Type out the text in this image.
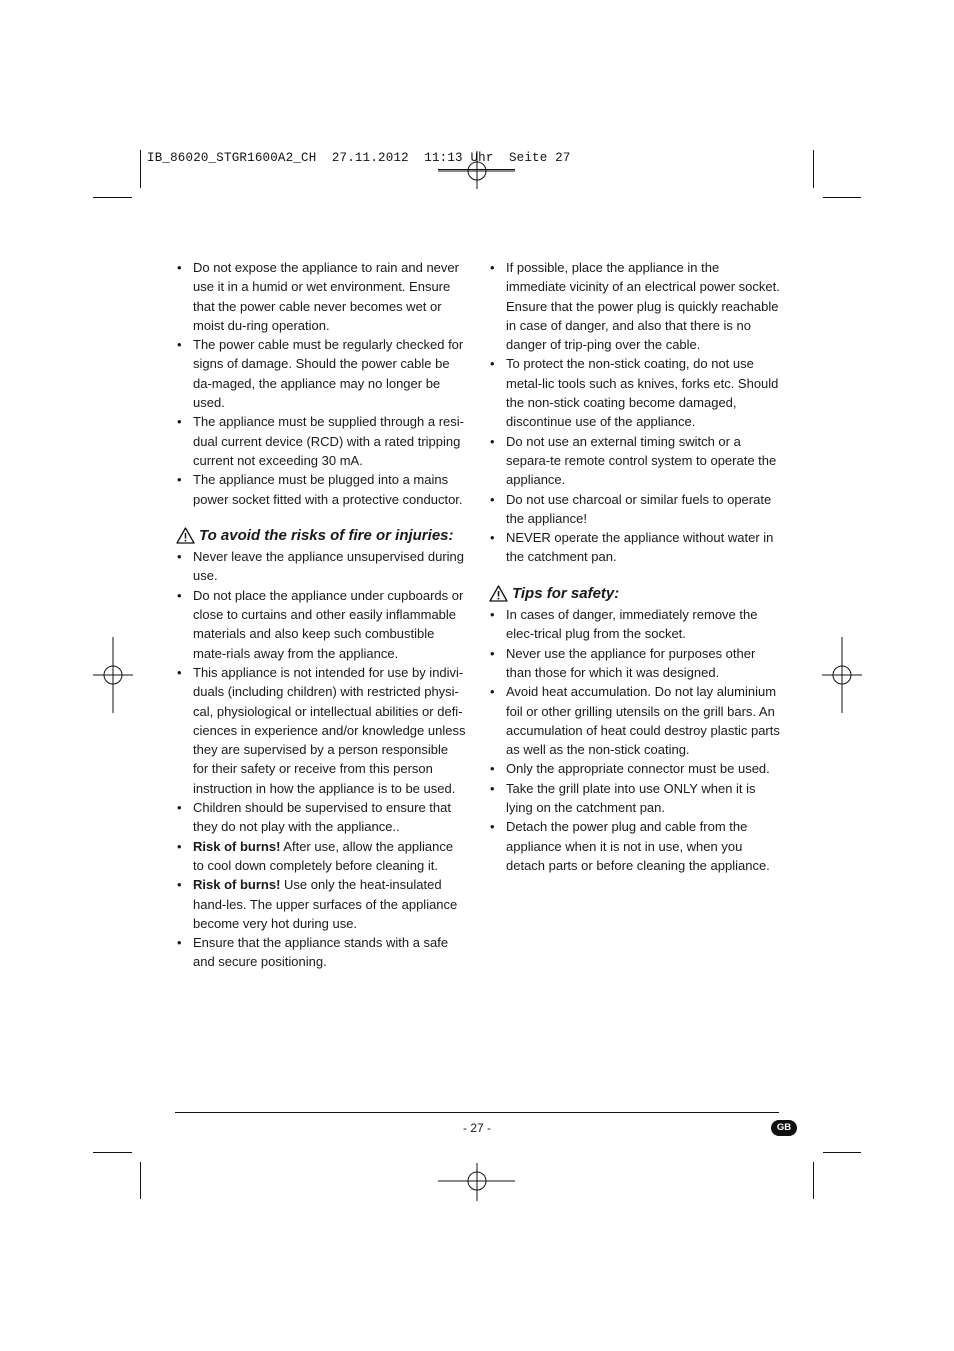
IB_86020_STGR1600A2_CH  27.11.2012  11:13 Uhr  Seite 27
• Do not expose the appliance to rain and never use it in a humid or wet environment. Ensure that the power cable never becomes wet or moist du-ring operation.
• The power cable must be regularly checked for signs of damage. Should the power cable be da-maged, the appliance may no longer be used.
• The appliance must be supplied through a resi-dual current device (RCD) with a rated tripping current not exceeding 30 mA.
• The appliance must be plugged into a mains power socket fitted with a protective conductor.
To avoid the risks of fire or injuries:
• Never leave the appliance unsupervised during use.
• Do not place the appliance under cupboards or close to curtains and other easily inflammable materials and also keep such combustible mate-rials away from the appliance.
• This appliance is not intended for use by indivi-duals (including children) with restricted physi-cal, physiological or intellectual abilities or defi-ciences in experience and/or knowledge unless they are supervised by a person responsible for their safety or receive from this person instruction in how the appliance is to be used.
• Children should be supervised to ensure that they do not play with the appliance..
• Risk of burns! After use, allow the appliance to cool down completely before cleaning it.
• Risk of burns! Use only the heat-insulated hand-les. The upper surfaces of the appliance become very hot during use.
• Ensure that the appliance stands with a safe and secure positioning.
• If possible, place the appliance in the immediate vicinity of an electrical power socket. Ensure that the power plug is quickly reachable in case of danger, and also that there is no danger of trip-ping over the cable.
• To protect the non-stick coating, do not use metal-lic tools such as knives, forks etc. Should the non-stick coating become damaged, discontinue use of the appliance.
• Do not use an external timing switch or a separa-te remote control system to operate the appliance.
• Do not use charcoal or similar fuels to operate the appliance!
• NEVER operate the appliance without water in the catchment pan.
Tips for safety:
• In cases of danger, immediately remove the elec-trical plug from the socket.
• Never use the appliance for purposes other than those for which it was designed.
• Avoid heat accumulation. Do not lay aluminium foil or other grilling utensils on the grill bars. An accumulation of heat could destroy plastic parts as well as the non-stick coating.
• Only the appropriate connector must be used.
• Take the grill plate into use ONLY when it is lying on the catchment pan.
• Detach the power plug and cable from the appliance when it is not in use, when you detach parts or before cleaning the appliance.
- 27 -	GB
